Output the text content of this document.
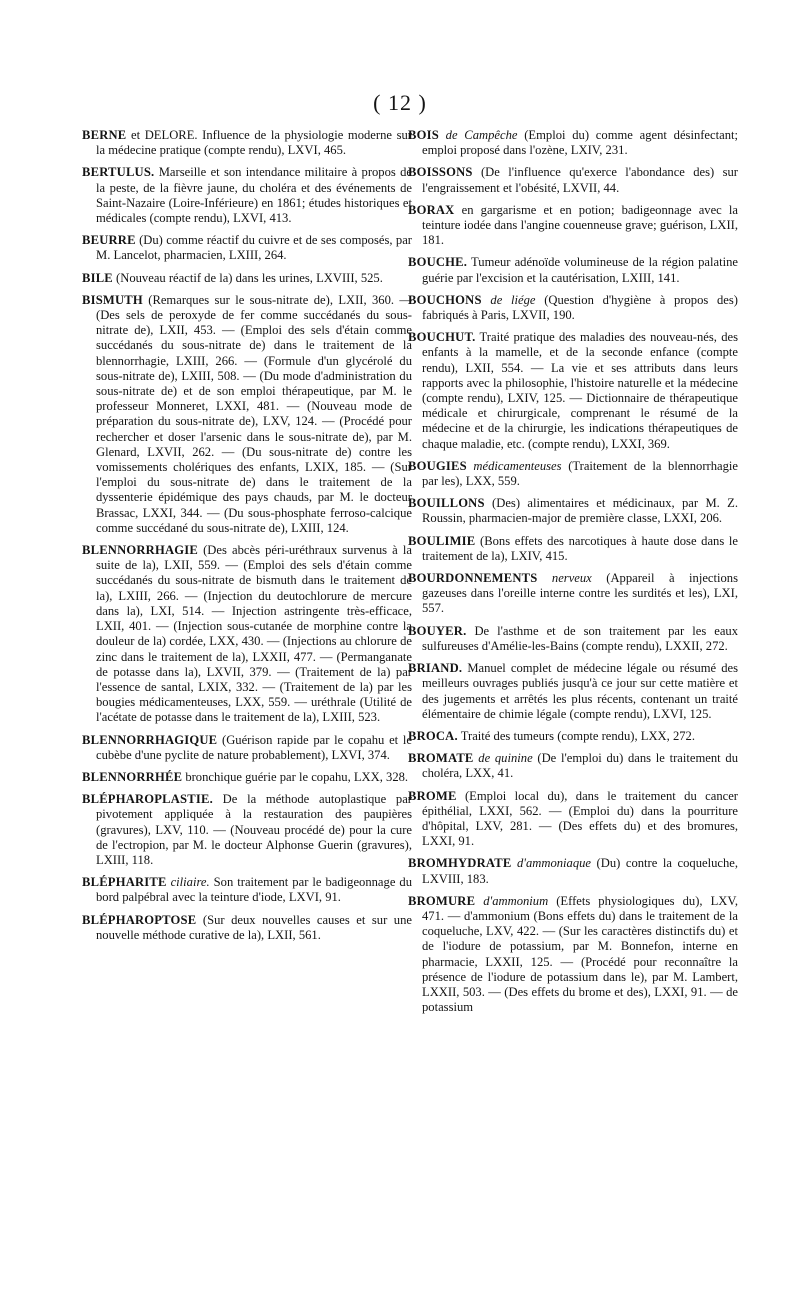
( 12 )

BERNE et DELORE. Influence de la physiologie moderne sur la médecine pratique (compte rendu), LXVI, 465.

BERTULUS. Marseille et son intendance militaire à propos de la peste, de la fièvre jaune, du choléra et des événements de Saint-Nazaire (Loire-Inférieure) en 1861; études historiques et médicales (compte rendu), LXVI, 413.

BEURRE (Du) comme réactif du cuivre et de ses composés, par M. Lancelot, pharmacien, LXIII, 264.

BILE (Nouveau réactif de la) dans les urines, LXVIII, 525.

BISMUTH (Remarques sur le sous-nitrate de), LXII, 360. — (Des sels de peroxyde de fer comme succédanés du sous-nitrate de), LXII, 453. — (Emploi des sels d'étain comme succédanés du sous-nitrate de) dans le traitement de la blennorrhagie, LXIII, 266. — (Formule d'un glycérolé du sous-nitrate de), LXIII, 508. — (Du mode d'administration du sous-nitrate de) et de son emploi thérapeutique, par M. le professeur Monneret, LXXI, 481. — (Nouveau mode de préparation du sous-nitrate de), LXV, 124. — (Procédé pour rechercher et doser l'arsenic dans le sous-nitrate de), par M. Glenard, LXVII, 262. — (Du sous-nitrate de) contre les vomissements cholériques des enfants, LXIX, 185. — (Sur l'emploi du sous-nitrate de) dans le traitement de la dyssenterie épidémique des pays chauds, par M. le docteur Brassac, LXXI, 344. — (Du sous-phosphate ferroso-calcique comme succédané du sous-nitrate de), LXIII, 124.

BLENNORRHAGIE (Des abcès péri-uréthraux survenus à la suite de la), LXII, 559. — (Emploi des sels d'étain comme succédanés du sous-nitrate de bismuth dans le traitement de la), LXIII, 266. — (Injection du deutochlorure de mercure dans la), LXI, 514. — Injection astringente très-efficace, LXII, 401. — (Injection sous-cutanée de morphine contre la douleur de la) cordée, LXX, 430. — (Injections au chlorure de zinc dans le traitement de la), LXXII, 477. — (Permanganate de potasse dans la), LXVII, 379. — (Traitement de la) par l'essence de santal, LXIX, 332. — (Traitement de la) par les bougies médicamenteuses, LXX, 559. — uréthrale (Utilité de l'acétate de potasse dans le traitement de la), LXIII, 523.

BLENNORRHAGIQUE (Guérison rapide par le copahu et le cubèbe d'une pyclite de nature probablement), LXVI, 374.

BLENNORRHÉE bronchique guérie par le copahu, LXX, 328.

BLÉPHAROPLASTIE. De la méthode autoplastique par pivotement appliquée à la restauration des paupières (gravures), LXV, 110. — (Nouveau procédé de) pour la cure de l'ectropion, par M. le docteur Alphonse Guerin (gravures), LXIII, 118.

BLÉPHARITE ciliaire. Son traitement par le badigeonnage du bord palpébral avec la teinture d'iode, LXVI, 91.

BLÉPHAROPTOSE (Sur deux nouvelles causes et sur une nouvelle méthode curative de la), LXII, 561.

BOIS de Campêche (Emploi du) comme agent désinfectant; emploi proposé dans l'ozène, LXIV, 231.

BOISSONS (De l'influence qu'exerce l'abondance des) sur l'engraissement et l'obésité, LXVII, 44.

BORAX en gargarisme et en potion; badigeonnage avec la teinture iodée dans l'angine couenneuse grave; guérison, LXII, 181.

BOUCHE. Tumeur adénoïde volumineuse de la région palatine guérie par l'excision et la cautérisation, LXIII, 141.

BOUCHONS de liége (Question d'hygiène à propos des) fabriqués à Paris, LXVII, 190.

BOUCHUT. Traité pratique des maladies des nouveau-nés, des enfants à la mamelle, et de la seconde enfance (compte rendu), LXII, 554. — La vie et ses attributs dans leurs rapports avec la philosophie, l'histoire naturelle et la médecine (compte rendu), LXIV, 125. — Dictionnaire de thérapeutique médicale et chirurgicale, comprenant le résumé de la médecine et de la chirurgie, les indications thérapeutiques de chaque maladie, etc. (compte rendu), LXXI, 369.

BOUGIES médicamenteuses (Traitement de la blennorrhagie par les), LXX, 559.

BOUILLONS (Des) alimentaires et médicinaux, par M. Z. Roussin, pharmacien-major de première classe, LXXI, 206.

BOULIMIE (Bons effets des narcotiques à haute dose dans le traitement de la), LXIV, 415.

BOURDONNEMENTS nerveux (Appareil à injections gazeuses dans l'oreille interne contre les surdités et les), LXI, 557.

BOUYER. De l'asthme et de son traitement par les eaux sulfureuses d'Amélie-les-Bains (compte rendu), LXXII, 272.

BRIAND. Manuel complet de médecine légale ou résumé des meilleurs ouvrages publiés jusqu'à ce jour sur cette matière et des jugements et arrêtés les plus récents, contenant un traité élémentaire de chimie légale (compte rendu), LXVI, 125.

BROCA. Traité des tumeurs (compte rendu), LXX, 272.

BROMATE de quinine (De l'emploi du) dans le traitement du choléra, LXX, 41.

BROME (Emploi local du), dans le traitement du cancer épithélial, LXXI, 562. — (Emploi du) dans la pourriture d'hôpital, LXV, 281. — (Des effets du) et des bromures, LXXI, 91.

BROMHYDRATE d'ammoniaque (Du) contre la coqueluche, LXVIII, 183.

BROMURE d'ammonium (Effets physiologiques du), LXV, 471. — d'ammonium (Bons effets du) dans le traitement de la coqueluche, LXV, 422. — (Sur les caractères distinctifs du) et de l'iodure de potassium, par M. Bonnefon, interne en pharmacie, LXXII, 125. — (Procédé pour reconnaître la présence de l'iodure de potassium dans le), par M. Lambert, LXXII, 503. — (Des effets du brome et des), LXXI, 91. — de potassium
